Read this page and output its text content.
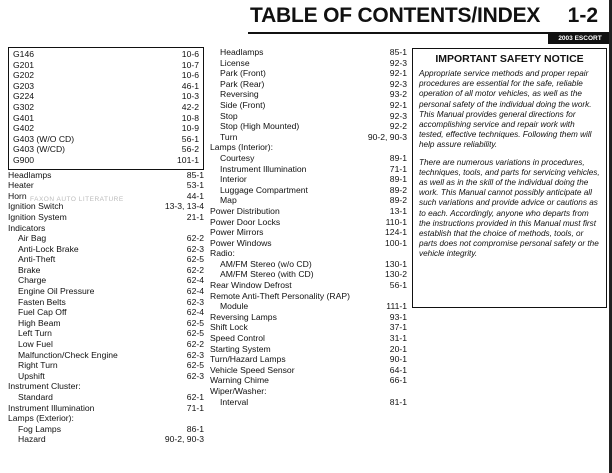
TABLE OF CONTENTS/INDEX 1-2
2003 ESCORT
G146	10-6
G201	10-7
G202	10-6
G203	46-1
G224	10-3
G302	42-2
G401	10-8
G402	10-9
G403 (W/O CD)	56-1
G403 (W/CD)	56-2
G900	101-1
Headlamps	85-1
Heater	53-1
Horn	44-1
Ignition Switch	13-3, 13-4
Ignition System	21-1
Indicators
Air Bag	62-2
Anti-Lock Brake	62-3
Anti-Theft	62-5
Brake	62-2
Charge	62-4
Engine Oil Pressure	62-4
Fasten Belts	62-3
Fuel Cap Off	62-4
High Beam	62-5
Left Turn	62-5
Low Fuel	62-2
Malfunction/Check Engine	62-3
Right Turn	62-5
Upshift	62-3
Instrument Cluster:
Standard	62-1
Instrument Illumination	71-1
Lamps (Exterior):
Fog Lamps	86-1
Hazard	90-2, 90-3
Headlamps	85-1
License	92-3
Park (Front)	92-1
Park (Rear)	92-3
Reversing	93-2
Side (Front)	92-1
Stop	92-3
Stop (High Mounted)	92-2
Turn	90-2, 90-3
Lamps (Interior):
Courtesy	89-1
Instrument Illumination	71-1
Interior	89-1
Luggage Compartment	89-2
Map	89-2
Power Distribution	13-1
Power Door Locks	110-1
Power Mirrors	124-1
Power Windows	100-1
Radio:
AM/FM Stereo (w/o CD)	130-1
AM/FM Stereo (with CD)	130-2
Rear Window Defrost	56-1
Remote Anti-Theft Personality (RAP)
Module	111-1
Reversing Lamps	93-1
Shift Lock	37-1
Speed Control	31-1
Starting System	20-1
Turn/Hazard Lamps	90-1
Vehicle Speed Sensor	64-1
Warning Chime	66-1
Wiper/Washer:
Interval	81-1
IMPORTANT SAFETY NOTICE

Appropriate service methods and proper repair procedures are essential for the safe, reliable operation of all motor vehicles, as well as the personal safety of the individual doing the work. This Manual provides general directions for accomplishing service and repair work with tested, effective techniques. Following them will help assure reliability.

There are numerous variations in procedures, techniques, tools, and parts for servicing vehicles, as well as in the skill of the individual doing the work. This Manual cannot possibly anticipate all such variations and provide advice or cautions as to each. Accordingly, anyone who departs from the instructions provided in this Manual must first establish that the choice of methods, tools, or parts does not compromise personal safety or the vehicle integrity.

FAXON AUTO LITERATURE
